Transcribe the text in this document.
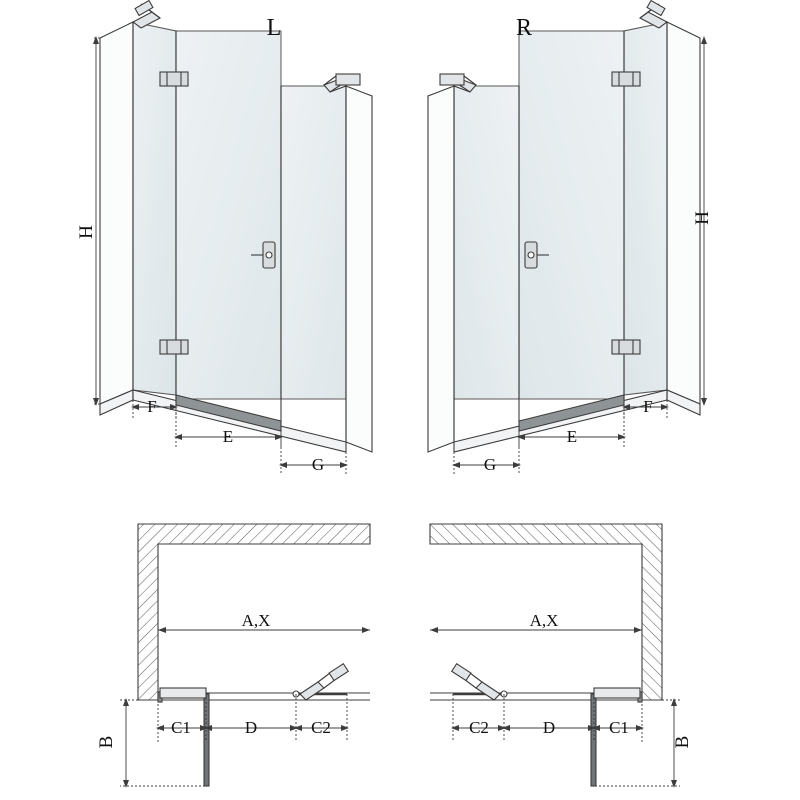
L	R
H
H
F
E
G
F
E
G
A,X	A,X
C1	D	C2	C2	D	C1
B	B
